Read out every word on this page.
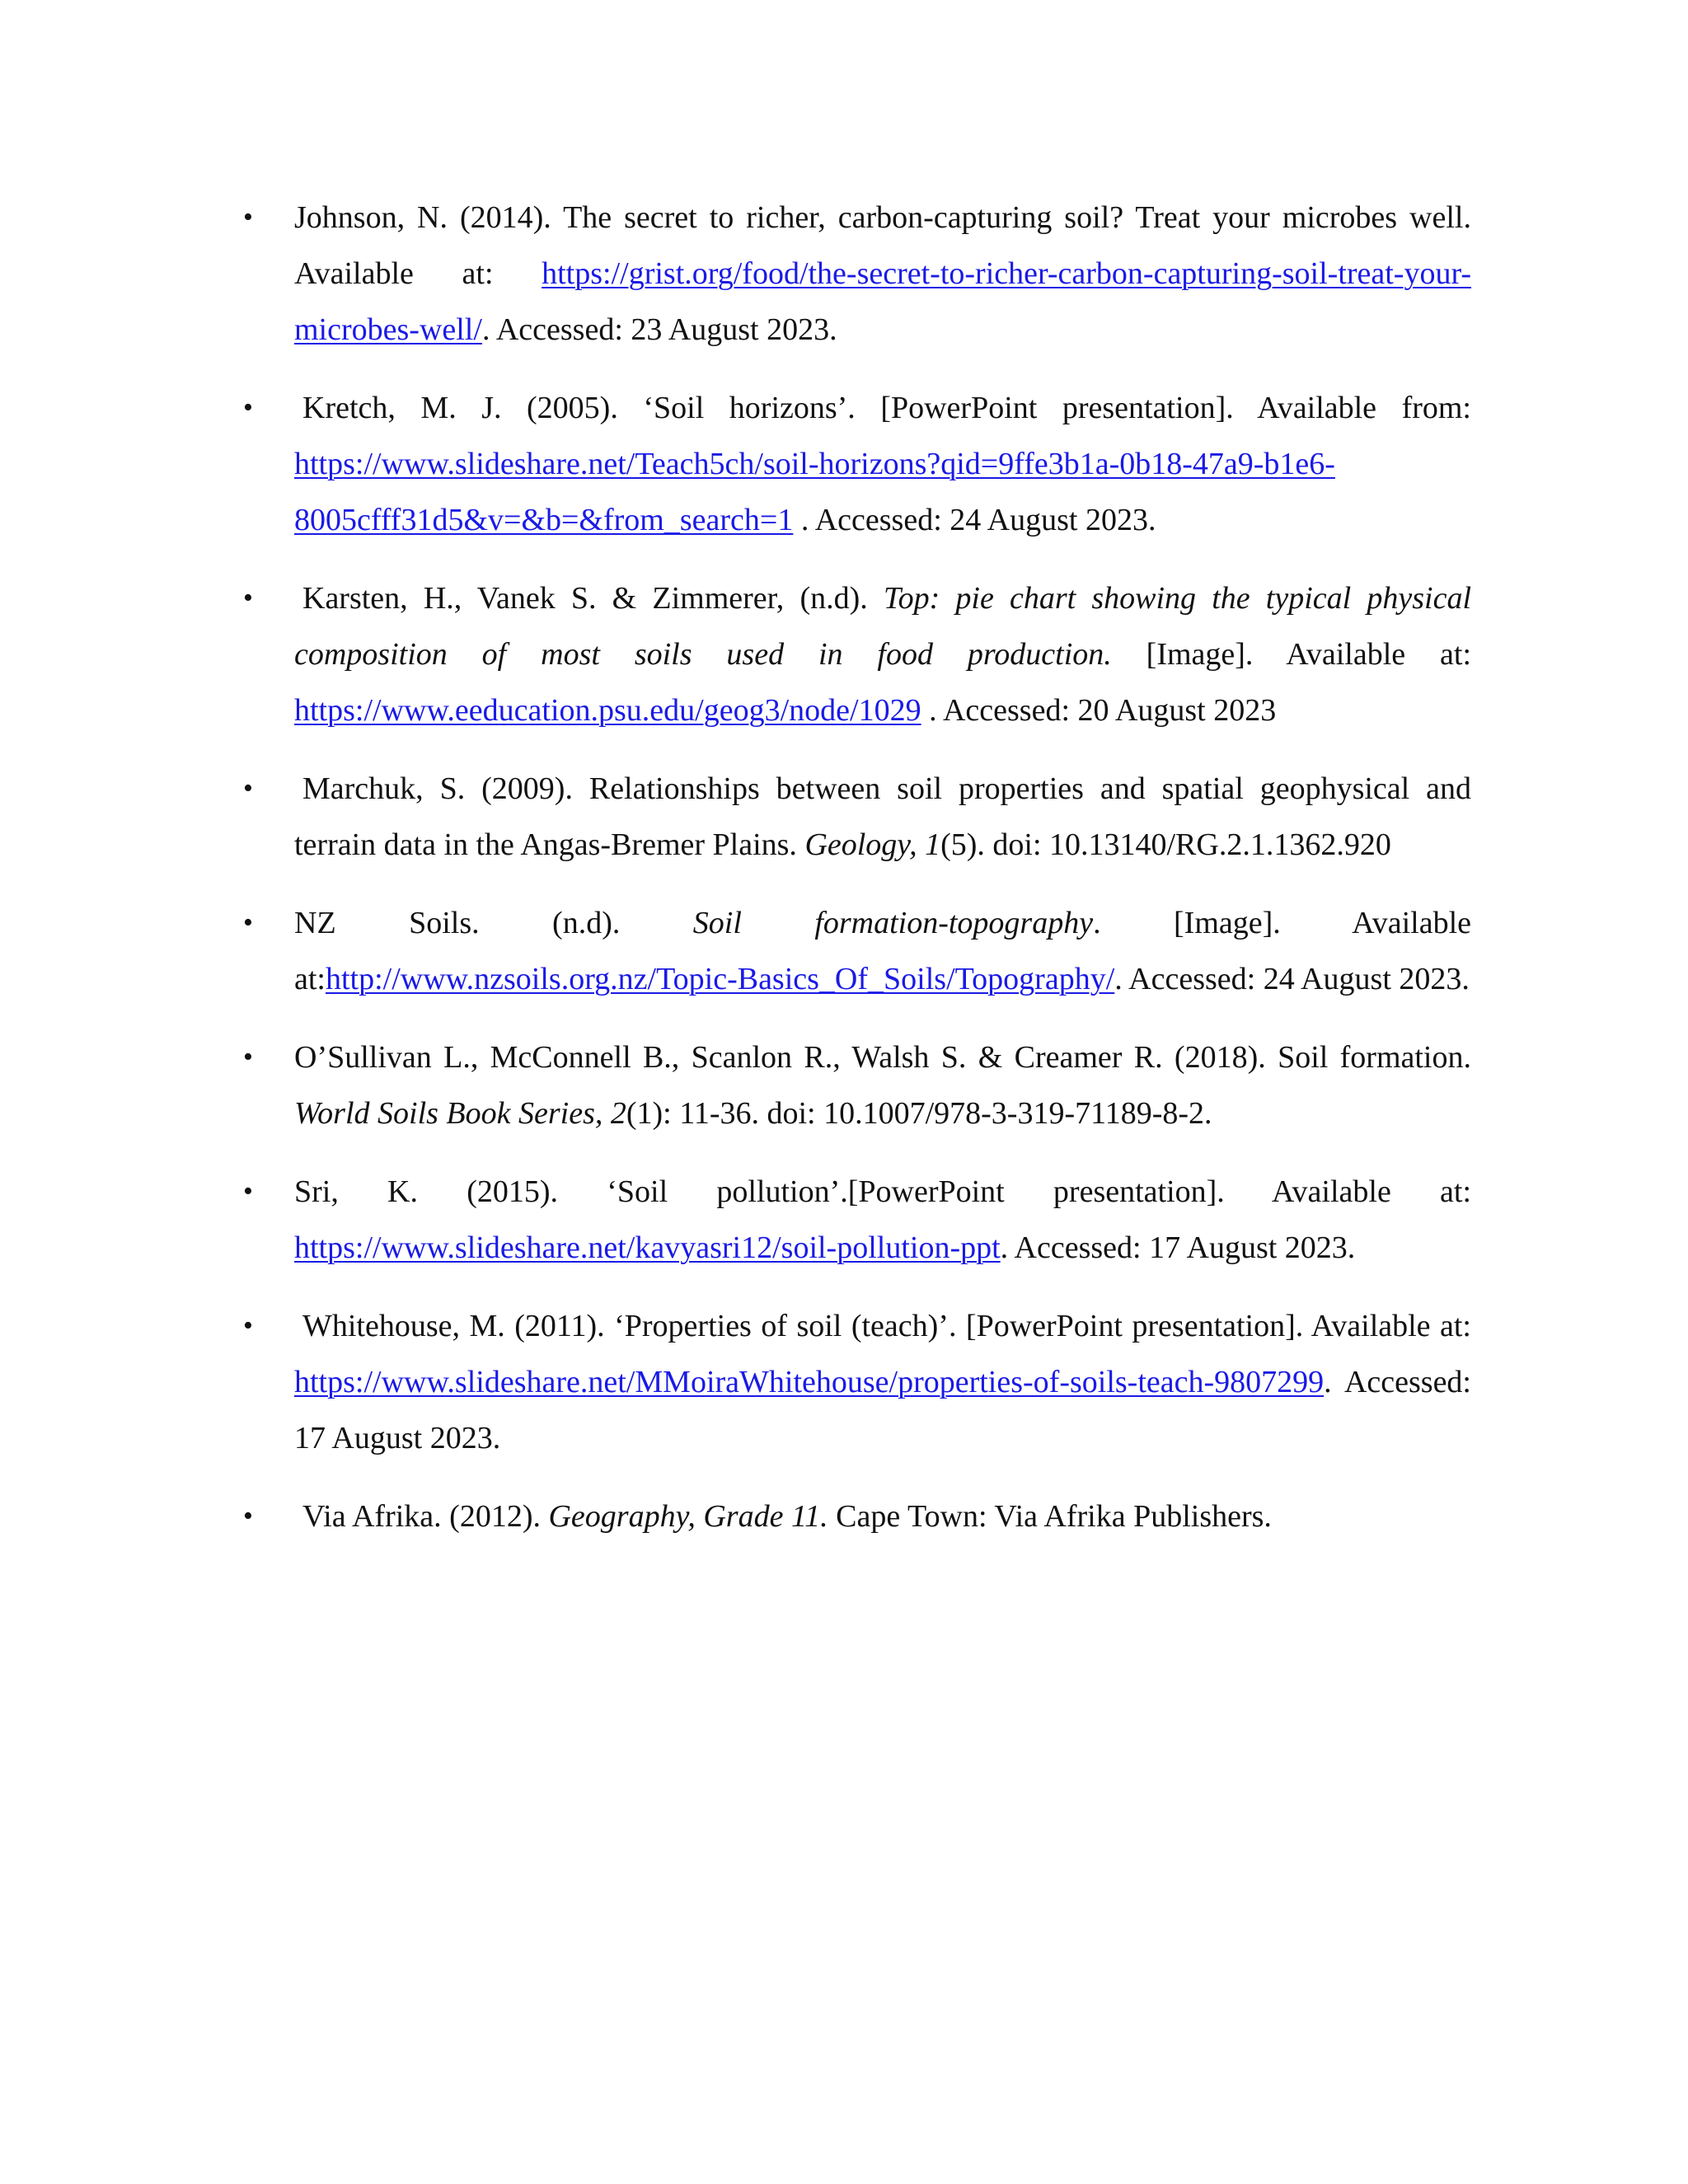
• Johnson, N. (2014). The secret to richer, carbon-capturing soil? Treat your microbes well. Available at: https://grist.org/food/the-secret-to-richer-carbon-capturing-soil-treat-your-microbes-well/. Accessed: 23 August 2023.
• Kretch, M. J. (2005). ‘Soil horizons’. [PowerPoint presentation]. Available from: https://www.slideshare.net/Teach5ch/soil-horizons?qid=9ffe3b1a-0b18-47a9-b1e6-8005cfff31d5&v=&b=&from_search=1 . Accessed: 24 August 2023.
• Karsten, H., Vanek S. & Zimmerer, (n.d). Top: pie chart showing the typical physical composition of most soils used in food production. [Image]. Available at: https://www.eeducation.psu.edu/geog3/node/1029 . Accessed: 20 August 2023
• Marchuk, S. (2009). Relationships between soil properties and spatial geophysical and terrain data in the Angas-Bremer Plains. Geology, 1(5). doi: 10.13140/RG.2.1.1362.920
• NZ Soils. (n.d). Soil formation-topography. [Image]. Available at:http://www.nzsoils.org.nz/Topic-Basics_Of_Soils/Topography/. Accessed: 24 August 2023.
• O’Sullivan L., McConnell B., Scanlon R., Walsh S. & Creamer R. (2018). Soil formation. World Soils Book Series, 2(1): 11-36. doi: 10.1007/978-3-319-71189-8-2.
• Sri, K. (2015). ‘Soil pollution’.[PowerPoint presentation]. Available at: https://www.slideshare.net/kavyasri12/soil-pollution-ppt. Accessed: 17 August 2023.
• Whitehouse, M. (2011). ‘Properties of soil (teach)’. [PowerPoint presentation]. Available at: https://www.slideshare.net/MMoiraWhitehouse/properties-of-soils-teach-9807299. Accessed: 17 August 2023.
• Via Afrika. (2012). Geography, Grade 11. Cape Town: Via Afrika Publishers.
